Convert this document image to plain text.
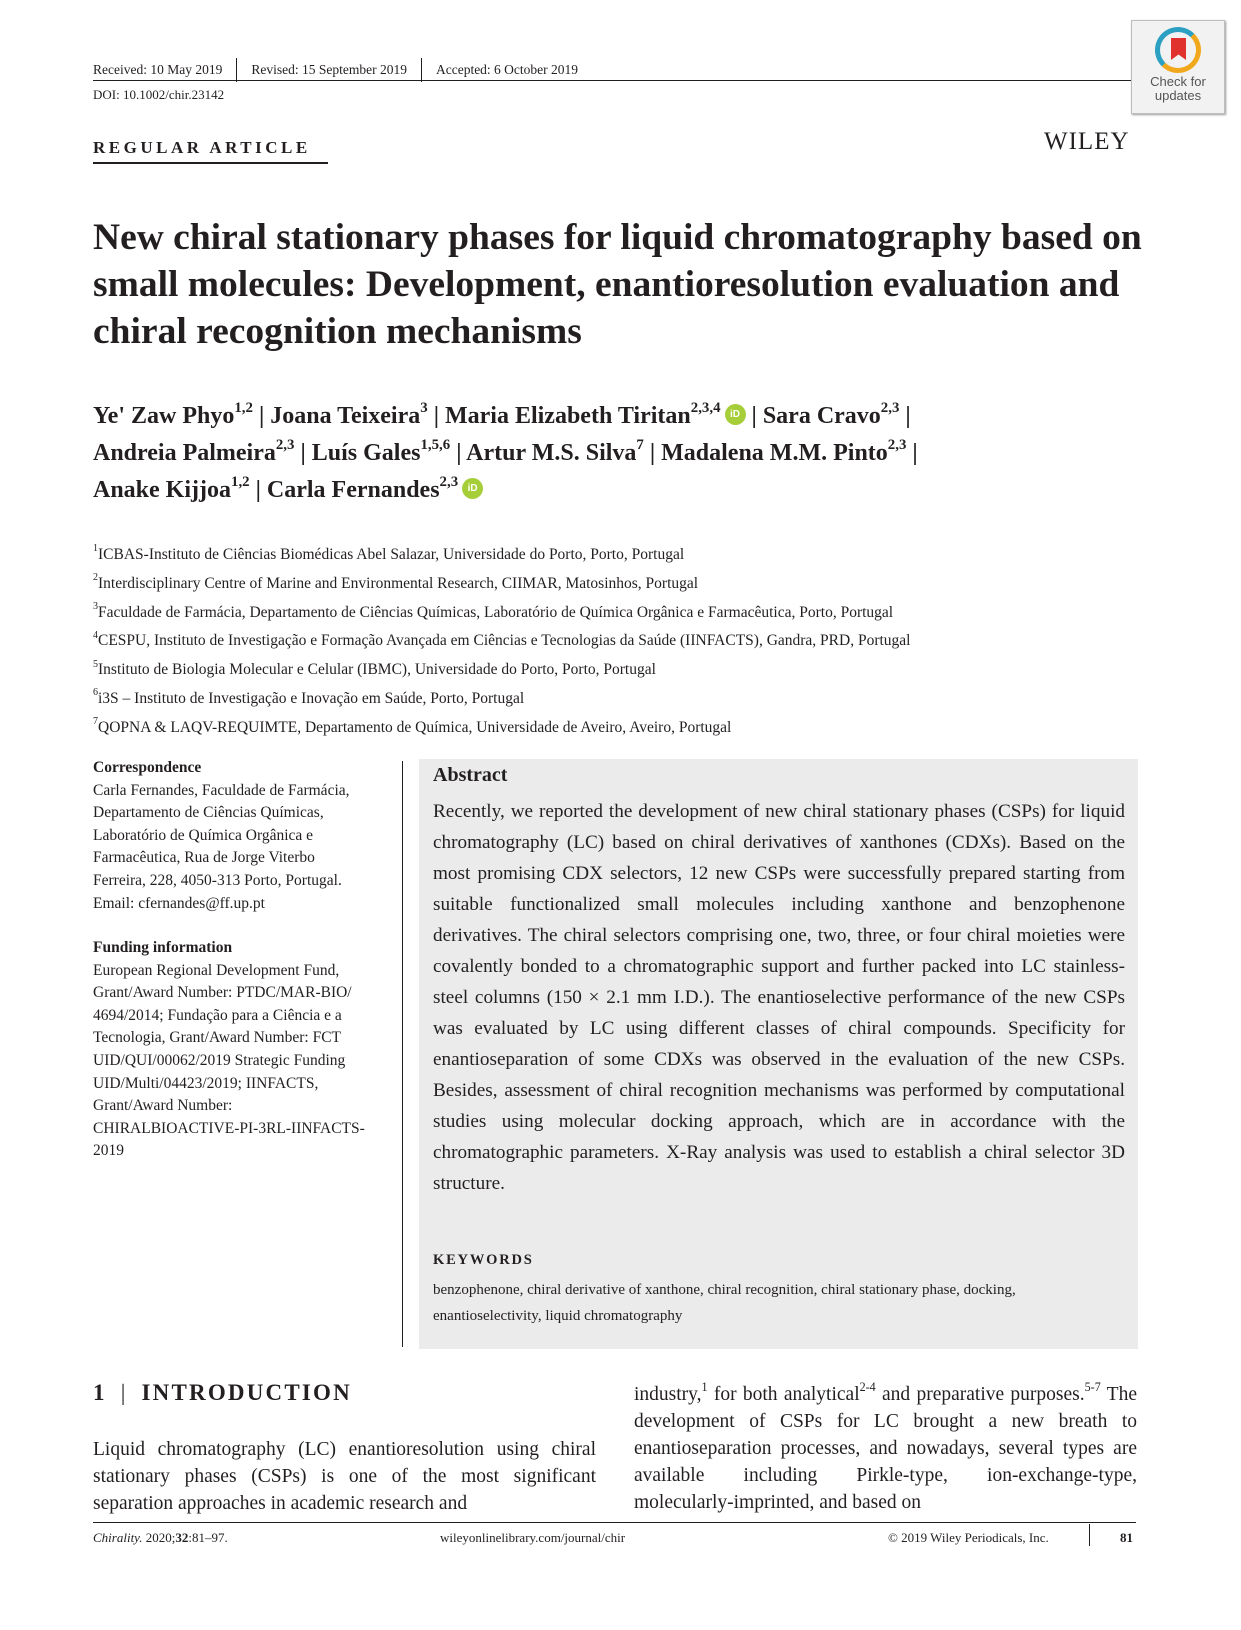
Received: 10 May 2019	Revised: 15 September 2019	Accepted: 6 October 2019
DOI: 10.1002/chir.23142
Check for
updates
REGULAR ARTICLE	WILEY
New chiral stationary phases for liquid chromatography based on small molecules: Development, enantioresolution evaluation and chiral recognition mechanisms
Ye' Zaw Phyo$^{1,2}$ | Joana Teixeira$^3$ | Maria Elizabeth Tiritan$^{2,3,4}$ iD | Sara Cravo$^{2,3}$ |
Andreia Palmeira$^{2,3}$ | Luís Gales$^{1,5,6}$ | Artur M.S. Silva$^7$ | Madalena M.M. Pinto$^{2,3}$ |
Anake Kijjoa$^{1,2}$ | Carla Fernandes$^{2,3}$ iD
$^1$ICBAS-Instituto de Ciências Biomédicas Abel Salazar, Universidade do Porto, Porto, Portugal
$^2$Interdisciplinary Centre of Marine and Environmental Research, CIIMAR, Matosinhos, Portugal
$^3$Faculdade de Farmácia, Departamento de Ciências Químicas, Laboratório de Química Orgânica e Farmacêutica, Porto, Portugal
$^4$CESPU, Instituto de Investigação e Formação Avançada em Ciências e Tecnologias da Saúde (IINFACTS), Gandra, PRD, Portugal
$^5$Instituto de Biologia Molecular e Celular (IBMC), Universidade do Porto, Porto, Portugal
$^6$i3S – Instituto de Investigação e Inovação em Saúde, Porto, Portugal
$^7$QOPNA & LAQV-REQUIMTE, Departamento de Química, Universidade de Aveiro, Aveiro, Portugal
Correspondence
Carla Fernandes, Faculdade de Farmácia,
Departamento de Ciências Químicas,
Laboratório de Química Orgânica e
Farmacêutica, Rua de Jorge Viterbo
Ferreira, 228, 4050-313 Porto, Portugal.
Email: cfernandes@ff.up.pt
Funding information
European Regional Development Fund,
Grant/Award Number: PTDC/MAR-BIO/
4694/2014; Fundação para a Ciência e a
Tecnologia, Grant/Award Number: FCT
UID/QUI/00062/2019 Strategic Funding
UID/Multi/04423/2019; IINFACTS,
Grant/Award Number:
CHIRALBIOACTIVE-PI-3RL-IINFACTS-
2019
Abstract
Recently, we reported the development of new chiral stationary phases (CSPs) for liquid chromatography (LC) based on chiral derivatives of xanthones (CDXs). Based on the most promising CDX selectors, 12 new CSPs were successfully prepared starting from suitable functionalized small molecules including xanthone and benzophenone derivatives. The chiral selectors comprising one, two, three, or four chiral moieties were covalently bonded to a chromatographic support and further packed into LC stainless-steel columns (150 × 2.1 mm I.D.). The enantioselective performance of the new CSPs was evaluated by LC using different classes of chiral compounds. Specificity for enantioseparation of some CDXs was observed in the evaluation of the new CSPs. Besides, assessment of chiral recognition mechanisms was performed by computational studies using molecular docking approach, which are in accordance with the chromatographic parameters. X-Ray analysis was used to establish a chiral selector 3D structure.
KEYWORDS
benzophenone, chiral derivative of xanthone, chiral recognition, chiral stationary phase, docking, enantioselectivity, liquid chromatography
1 | INTRODUCTION
Liquid chromatography (LC) enantioresolution using chiral stationary phases (CSPs) is one of the most significant separation approaches in academic research and
industry,$^1$ for both analytical$^{2-4}$ and preparative purposes.$^{5-7}$ The development of CSPs for LC brought a new breath to enantioseparation processes, and nowadays, several types are available including Pirkle-type, ion-exchange-type, molecularly-imprinted, and based on
Chirality. 2020;32:81–97.	wileyonlinelibrary.com/journal/chir	© 2019 Wiley Periodicals, Inc.	81
